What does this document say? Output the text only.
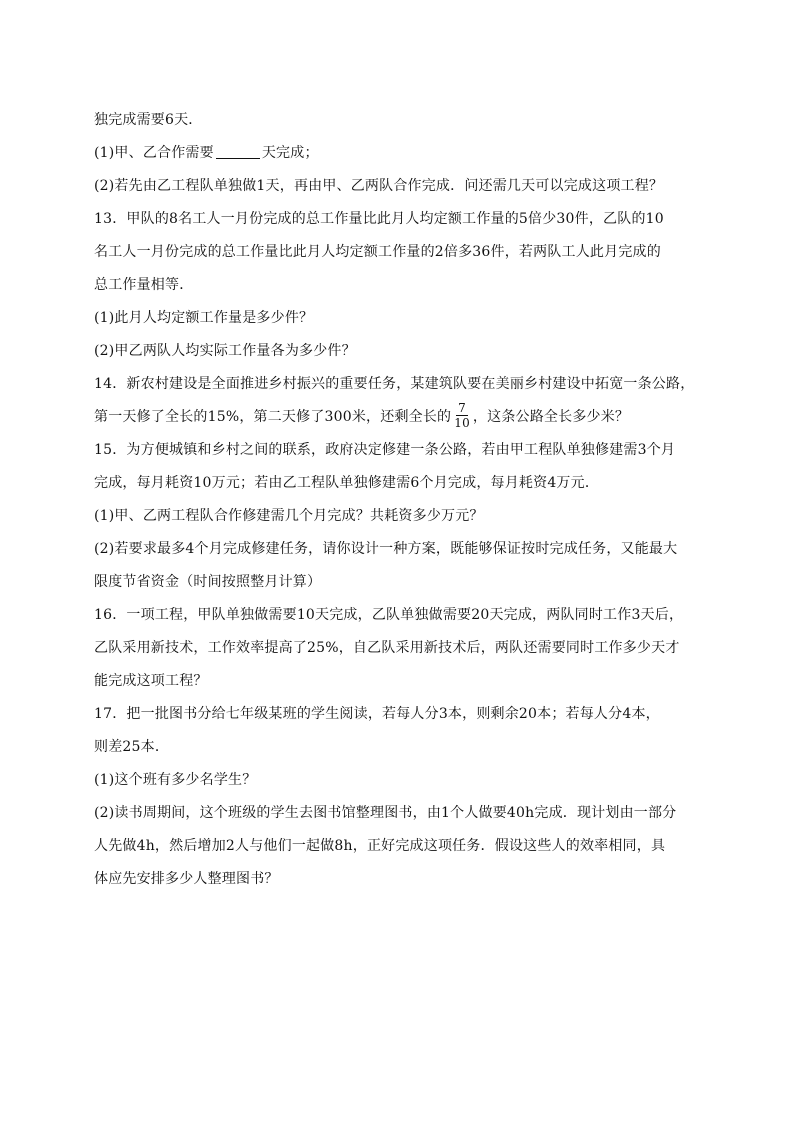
独完成需要6天．
(1)甲、乙合作需要	天完成；
(2)若先由乙工程队单独做1天，再由甲、乙两队合作完成．问还需几天可以完成这项工程？
13．甲队的8名工人一月份完成的总工作量比此月人均定额工作量的5倍少30件，乙队的10
名工人一月份完成的总工作量比此月人均定额工作量的2倍多36件，若两队工人此月完成的
总工作量相等．
(1)此月人均定额工作量是多少件？
(2)甲乙两队人均实际工作量各为多少件？
14．新农村建设是全面推进乡村振兴的重要任务，某建筑队要在美丽乡村建设中拓宽一条公路，
第一天修了全长的15%，第二天修了300米，还剩全长的 $\frac{7}{10}$ ，这条公路全长多少米？
15．为方便城镇和乡村之间的联系，政府决定修建一条公路，若由甲工程队单独修建需3个月
完成，每月耗资10万元；若由乙工程队单独修建需6个月完成，每月耗资4万元．
(1)甲、乙两工程队合作修建需几个月完成？共耗资多少万元？
(2)若要求最多4个月完成修建任务，请你设计一种方案，既能够保证按时完成任务，又能最大
限度节省资金（时间按照整月计算）
16．一项工程，甲队单独做需要10天完成，乙队单独做需要20天完成，两队同时工作3天后，
乙队采用新技术，工作效率提高了25%，自乙队采用新技术后，两队还需要同时工作多少天才
能完成这项工程？
17．把一批图书分给七年级某班的学生阅读，若每人分3本，则剩余20本；若每人分4本，
则差25本．
(1)这个班有多少名学生？
(2)读书周期间，这个班级的学生去图书馆整理图书，由1个人做要40h完成．现计划由一部分
人先做4h，然后增加2人与他们一起做8h，正好完成这项任务．假设这些人的效率相同，具
体应先安排多少人整理图书？
